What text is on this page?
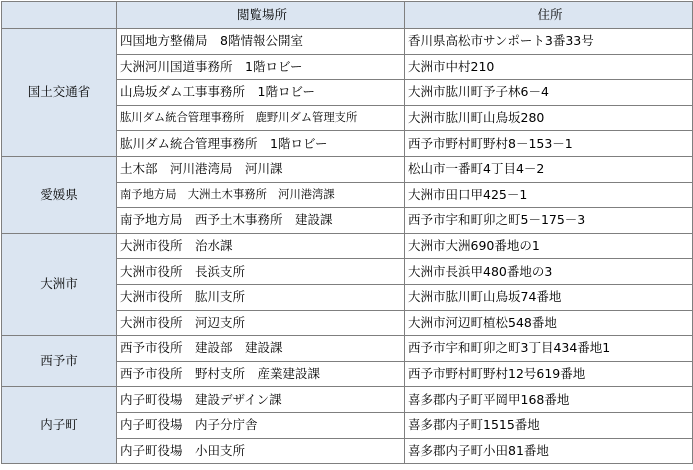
	閲覧場所	住所
国土交通省	四国地方整備局　8階情報公開室	香川県高松市サンポート3番33号
	大洲河川国道事務所　1階ロビー	大洲市中村210
	山鳥坂ダム工事事務所　1階ロビー	大洲市肱川町予子林6－4
	肱川ダム統合管理事務所　鹿野川ダム管理支所	大洲市肱川町山鳥坂280
	肱川ダム統合管理事務所　1階ロビー	西予市野村町野村8－153－1
愛媛県	土木部　河川港湾局　河川課	松山市一番町4丁目4－2
	南予地方局　大洲土木事務所　河川港湾課	大洲市田口甲425－1
	南予地方局　西予土木事務所　建設課	西予市宇和町卯之町5－175－3
大洲市	大洲市役所　治水課	大洲市大洲690番地の1
	大洲市役所　長浜支所	大洲市長浜甲480番地の3
	大洲市役所　肱川支所	大洲市肱川町山鳥坂74番地
	大洲市役所　河辺支所	大洲市河辺町植松548番地
西予市	西予市役所　建設部　建設課	西予市宇和町卯之町3丁目434番地1
	西予市役所　野村支所　産業建設課	西予市野村町野村12号619番地
内子町	内子町役場　建設デザイン課	喜多郡内子町平岡甲168番地
	内子町役場　内子分庁舎	喜多郡内子町1515番地
	内子町役場　小田支所	喜多郡内子町小田81番地
